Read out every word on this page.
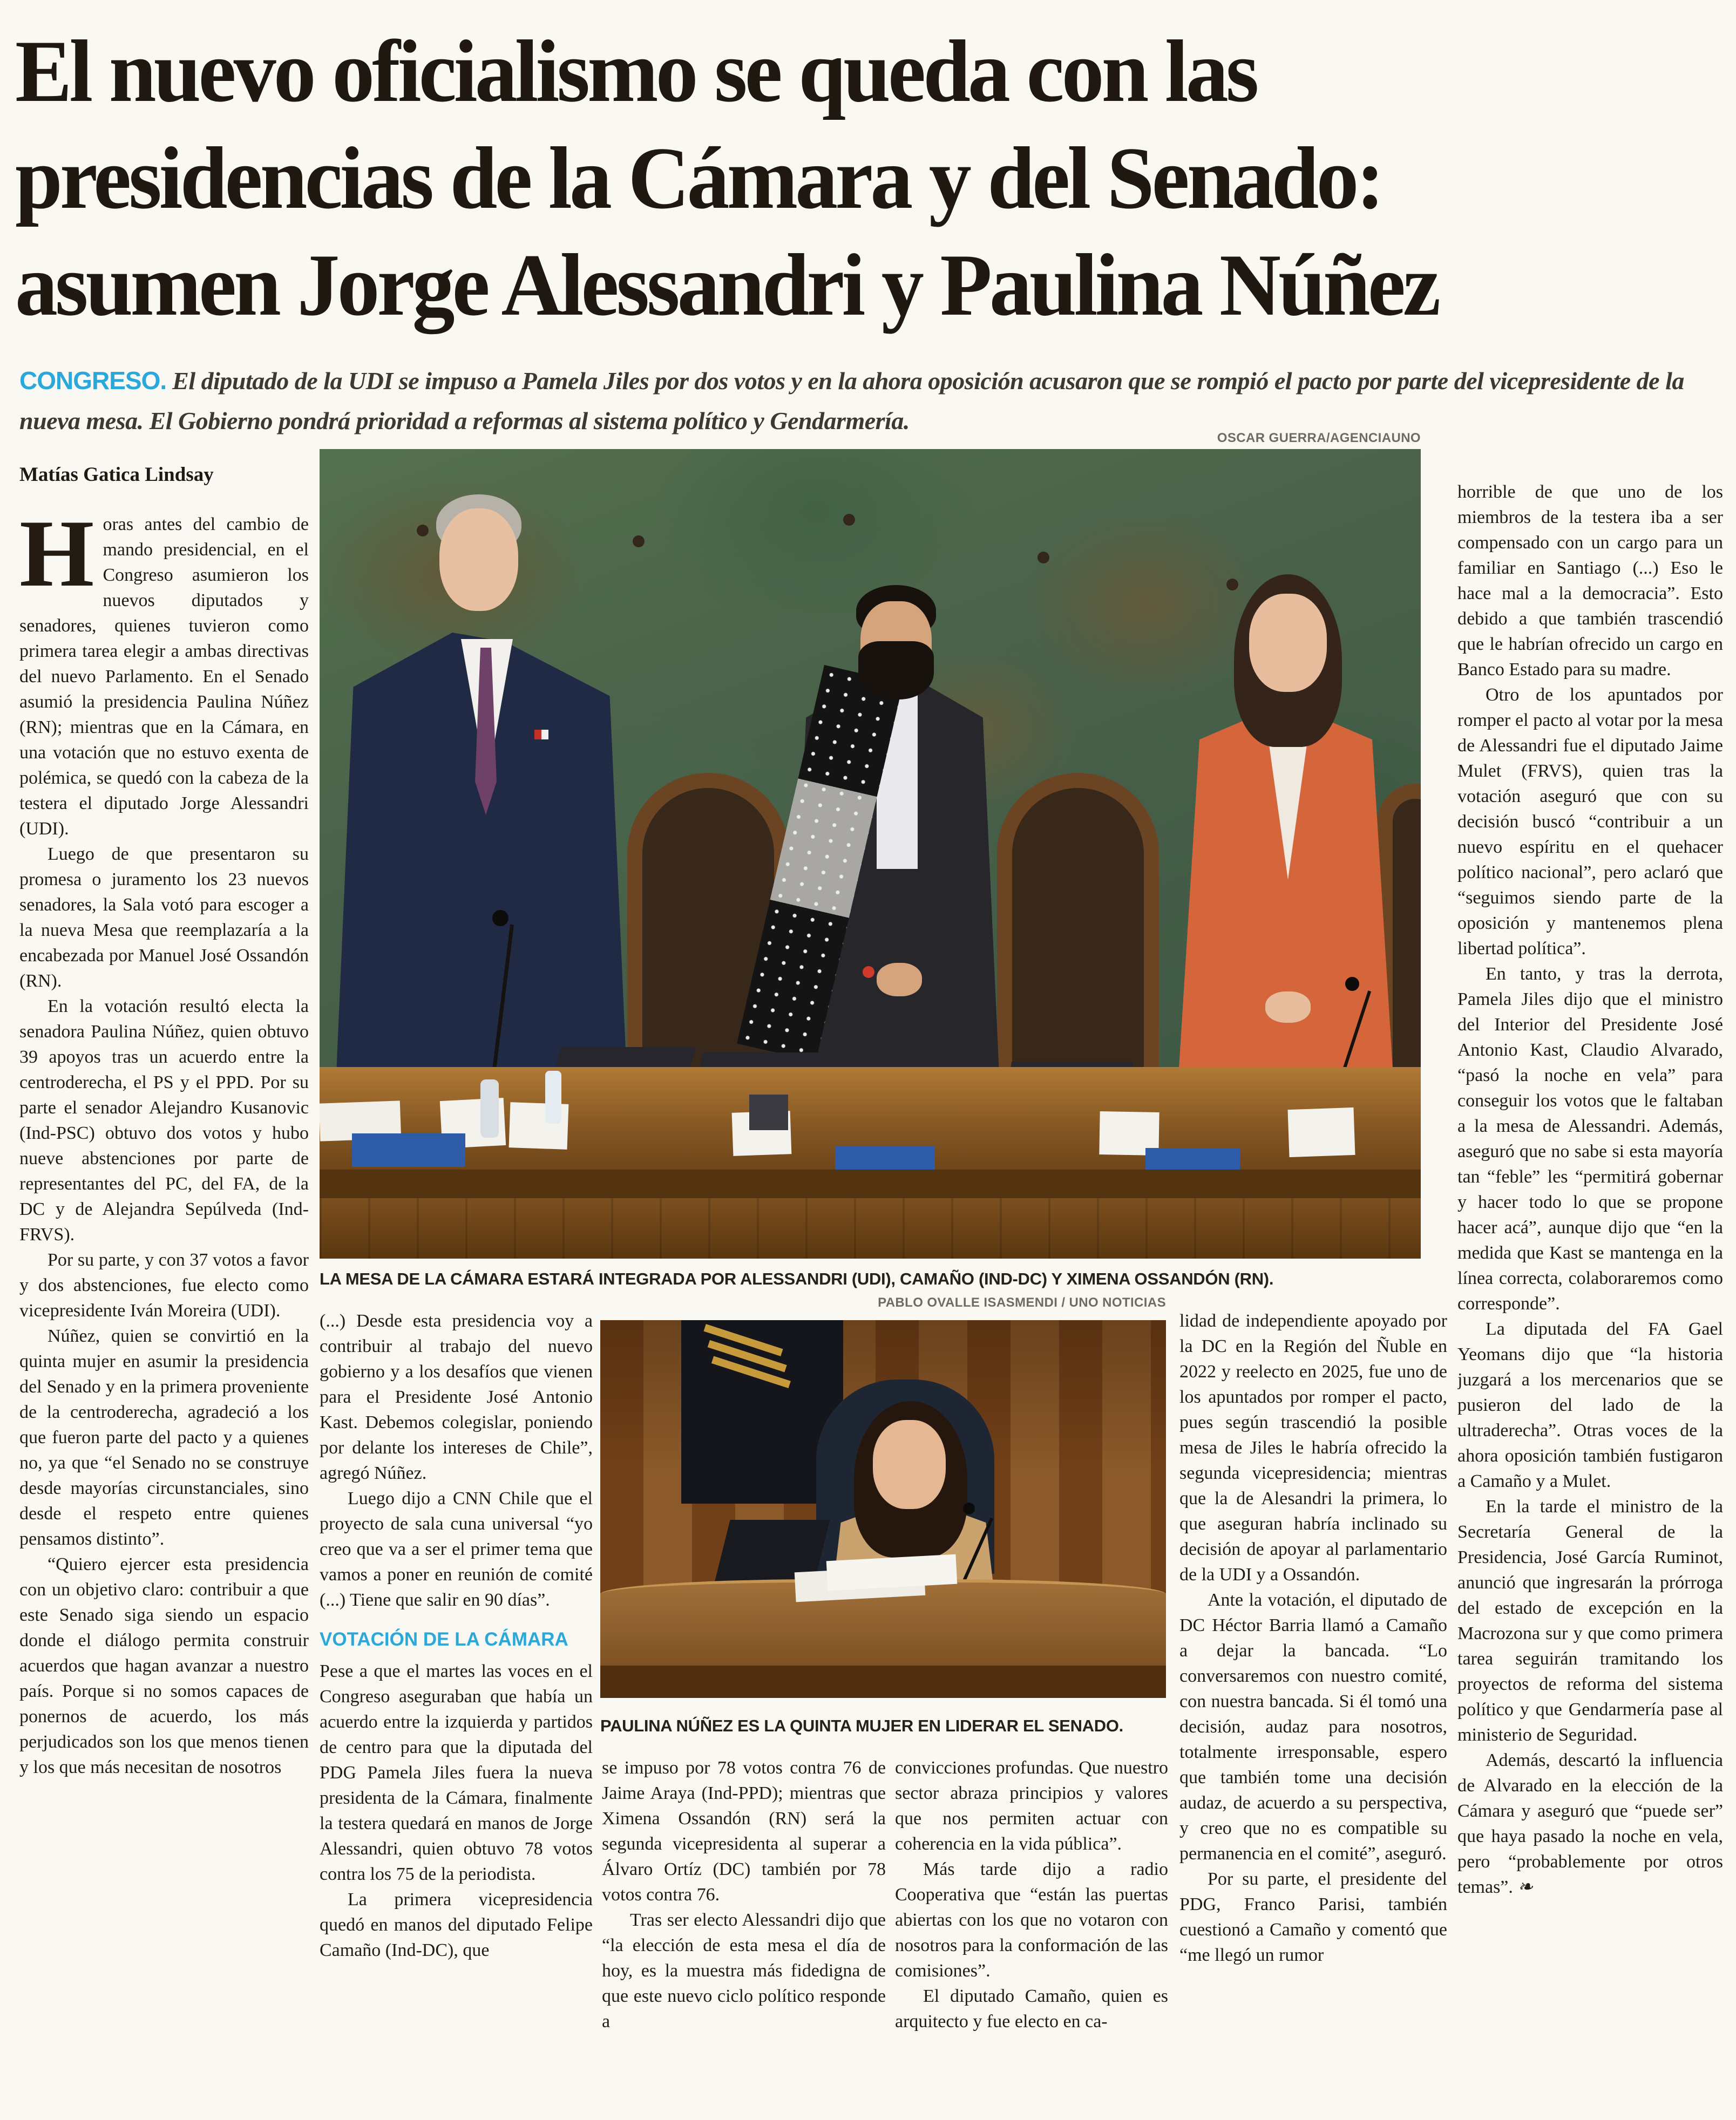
El nuevo oficialismo se queda con las
presidencias de la Cámara y del Senado:
asumen Jorge Alessandri y Paulina Núñez
CONGRESO. El diputado de la UDI se impuso a Pamela Jiles por dos votos y en la ahora oposición acusaron que se rompió el pacto por parte del vicepresidente de la nueva mesa. El Gobierno pondrá prioridad a reformas al sistema político y Gendarmería.
Matías Gatica Lindsay
OSCAR GUERRA/AGENCIAUNO
LA MESA DE LA CÁMARA ESTARÁ INTEGRADA POR ALESSANDRI (UDI), CAMAÑO (IND-DC) Y XIMENA OSSANDÓN (RN).
PABLO OVALLE ISASMENDI / UNO NOTICIAS
PAULINA NÚÑEZ ES LA QUINTA MUJER EN LIDERAR EL SENADO.

Horas antes del cambio de mando presidencial, en el Congreso asumieron los nuevos diputados y senadores, quienes tuvieron como primera tarea elegir a ambas directivas del nuevo Parlamento. En el Senado asumió la presidencia Paulina Núñez (RN); mientras que en la Cámara, en una votación que no estuvo exenta de polémica, se quedó con la cabeza de la testera el diputado Jorge Alessandri (UDI).

Luego de que presentaron su promesa o juramento los 23 nuevos senadores, la Sala votó para escoger a la nueva Mesa que reemplazaría a la encabezada por Manuel José Ossandón (RN).

En la votación resultó electa la senadora Paulina Núñez, quien obtuvo 39 apoyos tras un acuerdo entre la centroderecha, el PS y el PPD. Por su parte el senador Alejandro Kusanovic (Ind-PSC) obtuvo dos votos y hubo nueve abstenciones por parte de representantes del PC, del FA, de la DC y de Alejandra Sepúlveda (Ind-FRVS).

Por su parte, y con 37 votos a favor y dos abstenciones, fue electo como vicepresidente Iván Moreira (UDI).

Núñez, quien se convirtió en la quinta mujer en asumir la presidencia del Senado y en la primera proveniente de la centroderecha, agradeció a los que fueron parte del pacto y a quienes no, ya que “el Senado no se construye desde mayorías circunstanciales, sino desde el respeto entre quienes pensamos distinto”.

“Quiero ejercer esta presidencia con un objetivo claro: contribuir a que este Senado siga siendo un espacio donde el diálogo permita construir acuerdos que hagan avanzar a nuestro país. Porque si no somos capaces de ponernos de acuerdo, los más perjudicados son los que menos tienen y los que más necesitan de nosotros

(...) Desde esta presidencia voy a contribuir al trabajo del nuevo gobierno y a los desafíos que vienen para el Presidente José Antonio Kast. Debemos colegislar, poniendo por delante los intereses de Chile”, agregó Núñez.

Luego dijo a CNN Chile que el proyecto de sala cuna universal “yo creo que va a ser el primer tema que vamos a poner en reunión de comité (...) Tiene que salir en 90 días”.

VOTACIÓN DE LA CÁMARA

Pese a que el martes las voces en el Congreso aseguraban que había un acuerdo entre la izquierda y partidos de centro para que la diputada del PDG Pamela Jiles fuera la nueva presidenta de la Cámara, finalmente la testera quedará en manos de Jorge Alessandri, quien obtuvo 78 votos contra los 75 de la periodista.

La primera vicepresidencia quedó en manos del diputado Felipe Camaño (Ind-DC), que

se impuso por 78 votos contra 76 de Jaime Araya (Ind-PPD); mientras que Ximena Ossandón (RN) será la segunda vicepresidenta al superar a Álvaro Ortíz (DC) también por 78 votos contra 76.

Tras ser electo Alessandri dijo que “la elección de esta mesa el día de hoy, es la muestra más fidedigna de que este nuevo ciclo político responde a

convicciones profundas. Que nuestro sector abraza principios y valores que nos permiten actuar con coherencia en la vida pública”.

Más tarde dijo a radio Cooperativa que “están las puertas abiertas con los que no votaron con nosotros para la conformación de las comisiones”.

El diputado Camaño, quien es arquitecto y fue electo en ca-

lidad de independiente apoyado por la DC en la Región del Ñuble en 2022 y reelecto en 2025, fue uno de los apuntados por romper el pacto, pues según trascendió la posible mesa de Jiles le habría ofrecido la segunda vicepresidencia; mientras que la de Alesandri la primera, lo que aseguran habría inclinado su decisión de apoyar al parlamentario de la UDI y a Ossandón.

Ante la votación, el diputado de DC Héctor Barria llamó a Camaño a dejar la bancada. “Lo conversaremos con nuestro comité, con nuestra bancada. Si él tomó una decisión, audaz para nosotros, totalmente irresponsable, espero que también tome una decisión audaz, de acuerdo a su perspectiva, y creo que no es compatible su permanencia en el comité”, aseguró.

Por su parte, el presidente del PDG, Franco Parisi, también cuestionó a Camaño y comentó que “me llegó un rumor

horrible de que uno de los miembros de la testera iba a ser compensado con un cargo para un familiar en Santiago (...) Eso le hace mal a la democracia”. Esto debido a que también trascendió que le habrían ofrecido un cargo en Banco Estado para su madre.

Otro de los apuntados por romper el pacto al votar por la mesa de Alessandri fue el diputado Jaime Mulet (FRVS), quien tras la votación aseguró que con su decisión buscó “contribuir a un nuevo espíritu en el quehacer político nacional”, pero aclaró que “seguimos siendo parte de la oposición y mantenemos plena libertad política”.

En tanto, y tras la derrota, Pamela Jiles dijo que el ministro del Interior del Presidente José Antonio Kast, Claudio Alvarado, “pasó la noche en vela” para conseguir los votos que le faltaban a la mesa de Alessandri. Además, aseguró que no sabe si esta mayoría tan “feble” les “permitirá gobernar y hacer todo lo que se propone hacer acá”, aunque dijo que “en la medida que Kast se mantenga en la línea correcta, colaboraremos como corresponde”.

La diputada del FA Gael Yeomans dijo que “la historia juzgará a los mercenarios que se pusieron del lado de la ultraderecha”. Otras voces de la ahora oposición también fustigaron a Camaño y a Mulet.

En la tarde el ministro de la Secretaría General de la Presidencia, José García Ruminot, anunció que ingresarán la prórroga del estado de excepción en la Macrozona sur y que como primera tarea seguirán tramitando los proyectos de reforma del sistema político y que Gendarmería pase al ministerio de Seguridad.

Además, descartó la influencia de Alvarado en la elección de la Cámara y aseguró que “puede ser” que haya pasado la noche en vela, pero “probablemente por otros temas”. ❧
